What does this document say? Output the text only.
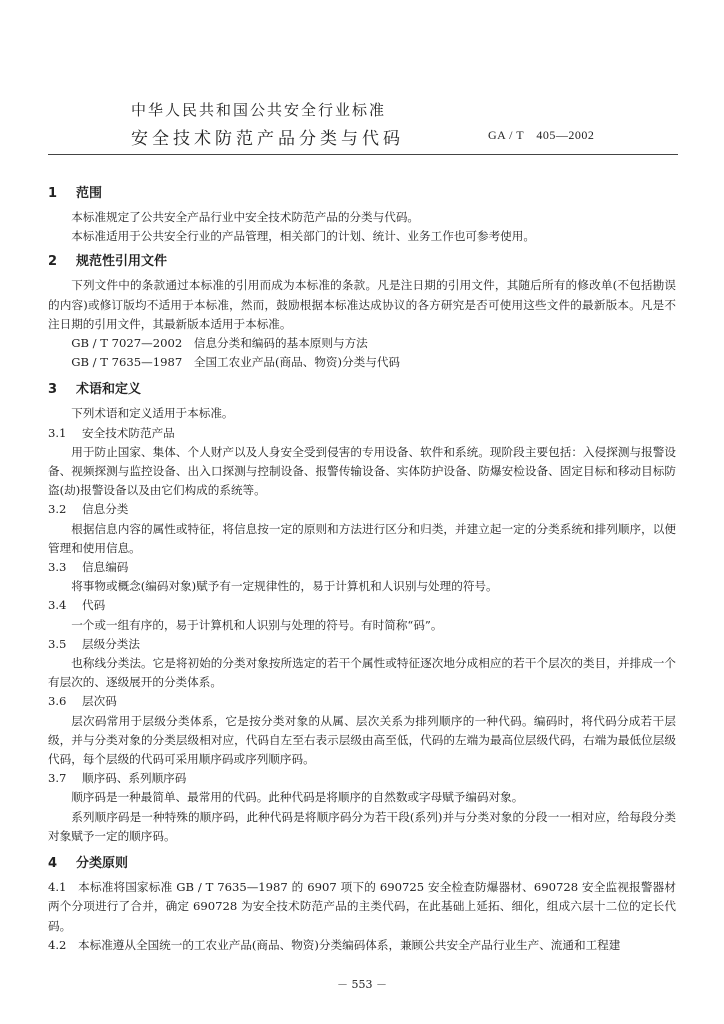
中华人民共和国公共安全行业标准
安全技术防范产品分类与代码	GA / T　405—2002
1 范围

本标准规定了公共安全产品行业中安全技术防范产品的分类与代码。

本标准适用于公共安全行业的产品管理，相关部门的计划、统计、业务工作也可参考使用。

2 规范性引用文件

下列文件中的条款通过本标准的引用而成为本标准的条款。凡是注日期的引用文件，其随后所有的修改单(不包括勘误的内容)或修订版均不适用于本标准，然而，鼓励根据本标准达成协议的各方研究是否可使用这些文件的最新版本。凡是不注日期的引用文件，其最新版本适用于本标准。

GB / T 7027—2002　信息分类和编码的基本原则与方法

GB / T 7635—1987　全国工农业产品(商品、物资)分类与代码

3 术语和定义

下列术语和定义适用于本标准。

3.1 安全技术防范产品

用于防止国家、集体、个人财产以及人身安全受到侵害的专用设备、软件和系统。现阶段主要包括：入侵探测与报警设备、视频探测与监控设备、出入口探测与控制设备、报警传输设备、实体防护设备、防爆安检设备、固定目标和移动目标防盗(劫)报警设备以及由它们构成的系统等。

3.2 信息分类

根据信息内容的属性或特征，将信息按一定的原则和方法进行区分和归类，并建立起一定的分类系统和排列顺序，以便管理和使用信息。

3.3 信息编码

将事物或概念(编码对象)赋予有一定规律性的，易于计算机和人识别与处理的符号。

3.4 代码

一个或一组有序的，易于计算机和人识别与处理的符号。有时简称“码”。

3.5 层级分类法

也称线分类法。它是将初始的分类对象按所选定的若干个属性或特征逐次地分成相应的若干个层次的类目，并排成一个有层次的、逐级展开的分类体系。

3.6 层次码

层次码常用于层级分类体系，它是按分类对象的从属、层次关系为排列顺序的一种代码。编码时，将代码分成若干层级，并与分类对象的分类层级相对应，代码自左至右表示层级由高至低，代码的左端为最高位层级代码，右端为最低位层级代码，每个层级的代码可采用顺序码或序列顺序码。

3.7 顺序码、系列顺序码

顺序码是一种最简单、最常用的代码。此种代码是将顺序的自然数或字母赋予编码对象。

系列顺序码是一种特殊的顺序码，此种代码是将顺序码分为若干段(系列)并与分类对象的分段一一相对应，给每段分类对象赋予一定的顺序码。

4 分类原则

4.1 本标准将国家标准 GB / T 7635—1987 的 6907 项下的 690725 安全检查防爆器材、690728 安全监视报警器材两个分项进行了合并，确定 690728 为安全技术防范产品的主类代码，在此基础上延拓、细化，组成六层十二位的定长代码。

4.2 本标准遵从全国统一的工农业产品(商品、物资)分类编码体系，兼顾公共安全产品行业生产、流通和工程建

－ 553 －
